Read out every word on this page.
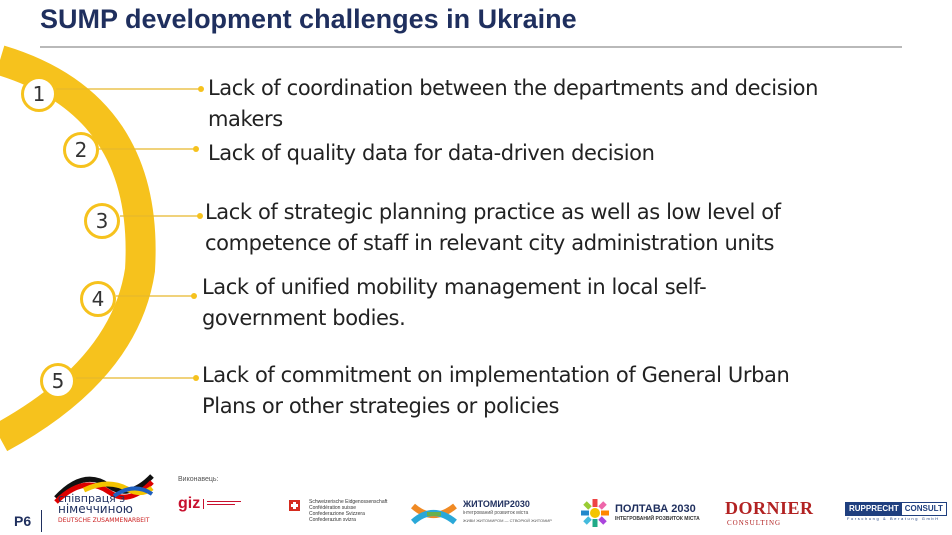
SUMP development challenges in Ukraine
1
2
3
4
5
Lack of coordination between the departments and decision
makers
Lack of quality data for data-driven decision
Lack of strategic planning practice as well as low level of
competence of staff in relevant city administration units
Lack of unified mobility management in local self-
government bodies.
Lack of commitment on implementation of General Urban
Plans or other strategies or policies
співпраця з
німеччиною
DEUTSCHE ZUSAMMENARBEIT
Виконавець:
giz	Schweizerische Eidgenossenschaft
Confédération suisse
Confederazione Svizzera
Confederaziun svizra
ЖИТОМИР2030
інтегрований розвиток міста
ЖИВИ ЖИТОМИРОМ — СТВОРЮЙ ЖИТОМИР
ПОЛТАВА 2030
ІНТЕГРОВАНИЙ РОЗВИТОК МІСТА
DORNIER
CONSULTING
RUPPRECHT CONSULT
Forschung & Beratung GmbH
P6
